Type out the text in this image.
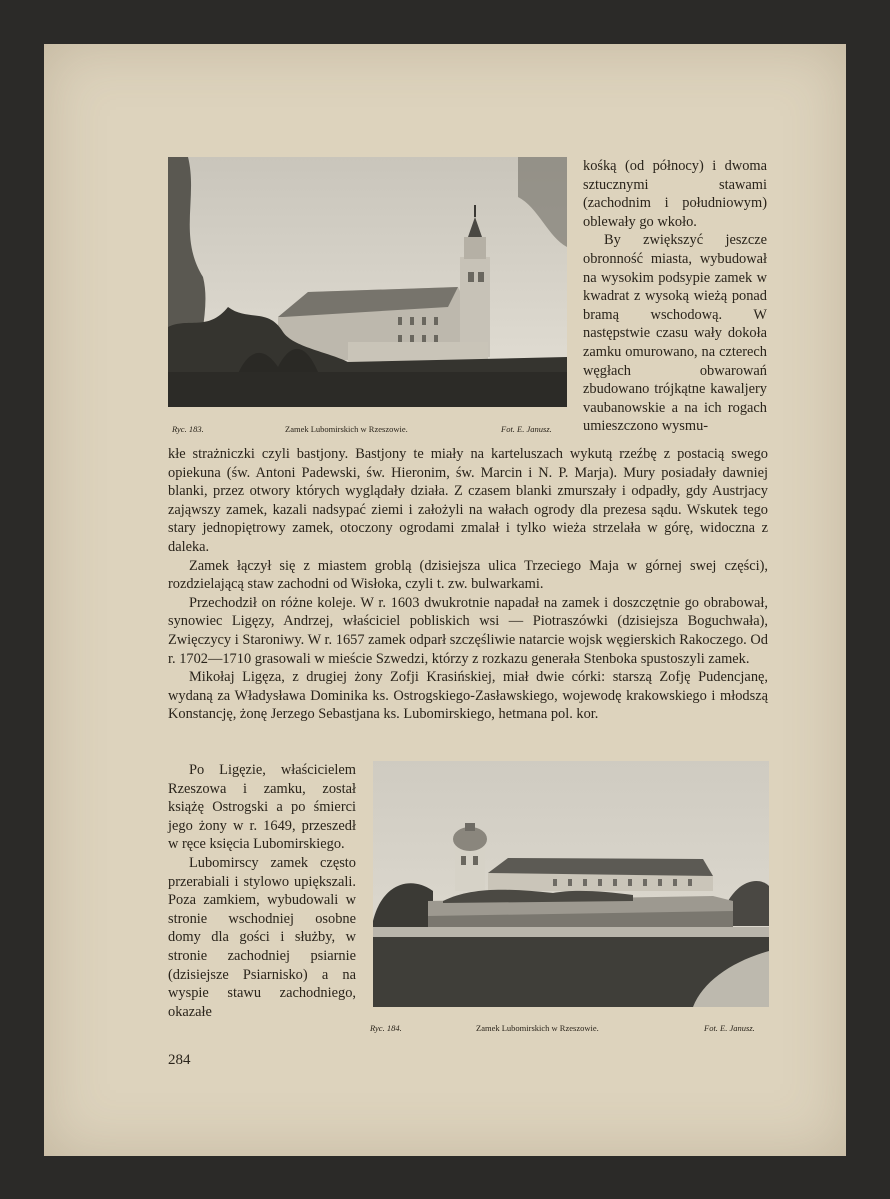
Ryc. 183.	Zamek Lubomirskich w Rzeszowie.	Fot. E. Janusz.

kośką (od północy) i dwoma sztucznymi stawami (zachodnim i południowym) oblewały go wkoło.

By zwiększyć jeszcze obronność miasta, wybudował na wysokim podsypie zamek w kwadrat z wysoką wieżą ponad bramą wschodową. W następstwie czasu wały dokoła zamku omurowano, na czterech węgłach obwarowań zbudowano trójkątne kawaljery vaubanowskie a na ich rogach umieszczono wysmu-

kłe strażniczki czyli bastjony. Bastjony te miały na karteluszach wykutą rzeźbę z postacią swego opiekuna (św. Antoni Padewski, św. Hieronim, św. Marcin i N. P. Marja). Mury posiadały dawniej blanki, przez otwory których wyglądały działa. Z czasem blanki zmurszały i odpadły, gdy Austrjacy zająwszy zamek, kazali nadsypać ziemi i założyli na wałach ogrody dla prezesa sądu. Wskutek tego stary jednopiętrowy zamek, otoczony ogrodami zmalał i tylko wieża strzelała w górę, widoczna z daleka.

Zamek łączył się z miastem groblą (dzisiejsza ulica Trzeciego Maja w górnej swej części), rozdzielającą staw zachodni od Wisłoka, czyli t. zw. bulwarkami.

Przechodził on różne koleje. W r. 1603 dwukrotnie napadał na zamek i doszczętnie go obrabował, synowiec Ligęzy, Andrzej, właściciel pobliskich wsi — Piotraszówki (dzisiejsza Boguchwała), Zwięczycy i Staroniwy. W r. 1657 zamek odparł szczęśliwie natarcie wojsk węgierskich Rakoczego. Od r. 1702—1710 grasowali w mieście Szwedzi, którzy z rozkazu generała Stenboka spustoszyli zamek.

Mikołaj Ligęza, z drugiej żony Zofji Krasińskiej, miał dwie córki: starszą Zofję Pudencjanę, wydaną za Władysława Dominika ks. Ostrogskiego-Zasławskiego, wojewodę krakowskiego i młodszą Konstancję, żonę Jerzego Sebastjana ks. Lubomirskiego, hetmana pol. kor.

Po Ligęzie, właścicielem Rzeszowa i zamku, został książę Ostrogski a po śmierci jego żony w r. 1649, przeszedł w ręce księcia Lubomirskiego.

Lubomirscy zamek często przerabiali i stylowo upiększali. Poza zamkiem, wybudowali w stronie wschodniej osobne domy dla gości i służby, w stronie zachodniej psiarnie (dzisiejsze Psiarnisko) a na wyspie stawu zachodniego, okazałe

Ryc. 184.	Zamek Lubomirskich w Rzeszowie.	Fot. E. Janusz.
284
